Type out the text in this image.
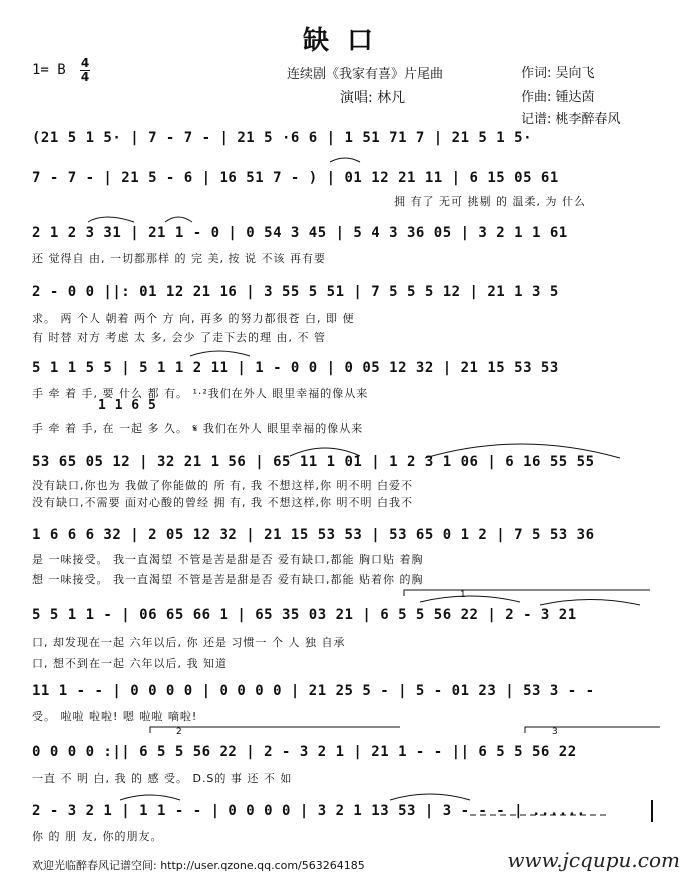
缺口
1= B 4
4	连续剧《我家有喜》片尾曲
演唱: 林凡
作词: 吴向飞
作曲: 锺达茵
记谱: 桃李醉春风
(21 5 1 5· | 7 - 7 - | 21 5 ·6 6 | 1 51 71 7 | 21 5 1 5·
7 - 7 - | 21 5 - 6 | 16 51 7 - ) | 01 12 21 11 | 6 15 05 61
2 1 2 3 31 | 21 1 - 0 | 0 54 3 45 | 5 4 3 36 05 | 3 2 1 1 61
2 - 0 0 ||: 01 12 21 16 | 3 55 5 51 | 7 5 5 5 12 | 21 1 3 5
5 1 1 5 5 | 5 1 1 2 11 | 1 - 0 0 | 0 05 12 32 | 21 15 53 53
1 1 6 5
53 65 05 12 | 32 21 1 56 | 65 11 1 01 | 1 2 3 1 06 | 6 16 55 55
1 6 6 6 32 | 2 05 12 32 | 21 15 53 53 | 53 65 0 1 2 | 7 5 53 36
5 5 1 1 - | 06 65 66 1 | 65 35 03 21 | 6 5 5 56 22 | 2 - 3 21
11 1 - - | 0 0 0 0 | 0 0 0 0 | 21 25 5 - | 5 - 01 23 | 53 3 - -
0 0 0 0 :|| 6 5 5 56 22 | 2 - 3 2 1 | 21 1 - - || 6 5 5 56 22
2 - 3 2 1 | 1 1 - - | 0 0 0 0 | 3 2 1 13 53 | 3 - - - | ......
拥 有了 无可 挑剔 的 温柔, 为 什么
还 觉得自 由, 一切都那样 的 完 美, 按 说 不该 再有要
求。 两 个人 朝着 两个 方 向, 再多 的努力都很苍 白, 即 便
有 时替 对方 考虑 太 多, 会少 了走下去的理 由, 不 管
手 牵 着 手, 要 什么 都 有。 ¹·²我们在外人 眼里幸福的像从来
手 牵 着 手, 在 一起 多 久。 𝄋 我们在外人 眼里幸福的像从来
没有缺口,你也为 我做了你能做的 所 有, 我 不想这样,你 明不明 白爱不
没有缺口,不需要 面对心酸的曾经 拥 有, 我 不想这样,你 明不明 白我不
是 一味接受。 我一直渴望 不管是苦是甜是否 爱有缺口,都能 胸口贴 着胸
想 一味接受。 我一直渴望 不管是苦是甜是否 爱有缺口,都能 贴着你 的胸
口, 却发现在一起 六年以后, 你 还是 习惯一 个 人 独 自承
口, 想不到在一起 六年以后, 我 知道
受。 啦啦 啦啦! 嗯 啦啦 嘀啦!
一直 不 明 白, 我 的 感 受。 D.S的 事 还 不 如
你 的 朋 友, 你的朋友。
1
2	3
欢迎光临醉春风记谱空间: http://user.qzone.qq.com/563264185	www.jcqupu.com
